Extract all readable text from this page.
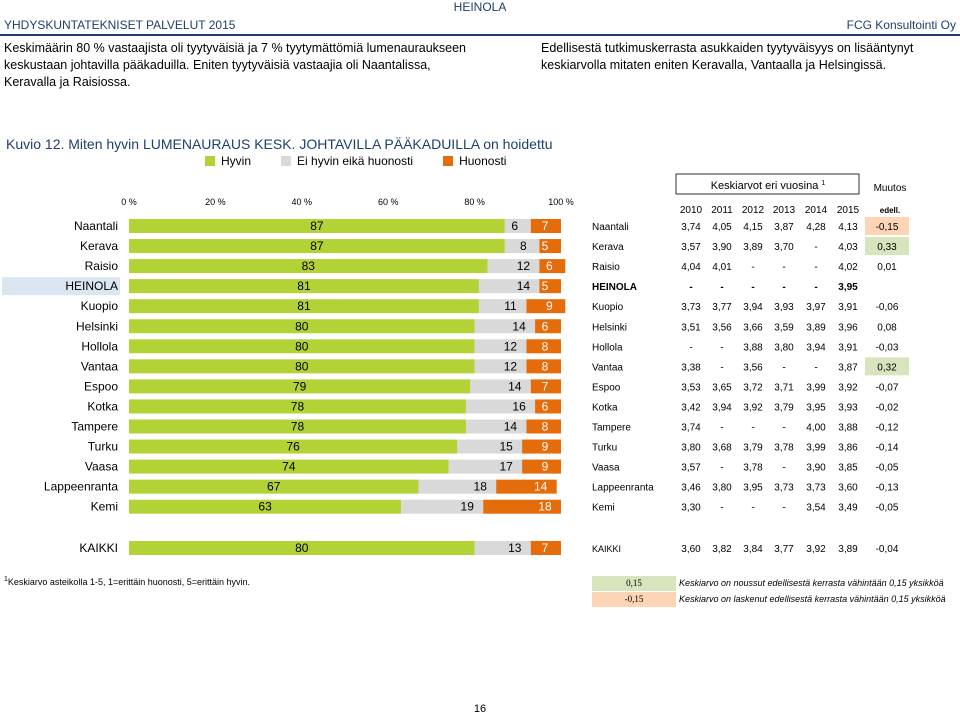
HEINOLA
YHDYSKUNTATEKNISET PALVELUT 2015	FCG Konsultointi Oy
Keskimäärin 80 % vastaajista oli tyytyväisiä ja 7 % tyytymättömiä lumenauraukseen keskustaan johtavilla pääkaduilla. Eniten tyytyväisiä vastaajia oli Naantalissa, Keravalla ja Raisiossa.
Edellisestä tutkimuskerrasta asukkaiden tyytyväisyys on lisääntynyt keskiarvolla mitaten eniten Keravalla, Vantaalla ja Helsingissä.
Kuvio 12. Miten hyvin LUMENAURAUS KESK. JOHTAVILLA PÄÄKADUILLA on hoidettu
Hyvin	Ei hyvin eikä huonosti	Huonosti
Keskiarvot eri vuosina $^1$	Muutos
edell.
0 %	20 %	40 %	60 %	80 %	100 %
Naantali	87	6 7
Kerava	87	8 5
Raisio	83	12 6
HEINOLA	81	14 5
Kuopio	81	11 9
Helsinki	80	14 6
Hollola	80	12 8
Vantaa	80	12 8
Espoo	79	14 7
Kotka	78	16 6
Tampere	78	14 8
Turku	76	15 9
Vaasa	74	17 9
Lappeenranta	67	18	14
Kemi	63	19	18
KAIKKI	80	13 7
2010 2011 2012 2013 2014 2015
Naantali	3,74 4,05 4,15 3,87 4,28 4,13 -0,15
Kerava	3,57 3,90 3,89 3,70 - 4,03 0,33
Raisio	4,04 4,01 -	-	- 4,02 0,01
HEINOLA	-	-	-	-	- 3,95
Kuopio	3,73 3,77 3,94 3,93 3,97 3,91 -0,06
Helsinki	3,51 3,56 3,66 3,59 3,89 3,96 0,08
Hollola	-	- 3,88 3,80 3,94 3,91 -0,03
Vantaa	3,38 - 3,56 -	- 3,87 0,32
Espoo	3,53 3,65 3,72 3,71 3,99 3,92 -0,07
Kotka	3,42 3,94 3,92 3,79 3,95 3,93 -0,02
Tampere	3,74 -	-	- 4,00 3,88 -0,12
Turku	3,80 3,68 3,79 3,78 3,99 3,86 -0,14
Vaasa	3,57 - 3,78 - 3,90 3,85 -0,05
Lappeenranta	3,46 3,80 3,95 3,73 3,73 3,60 -0,13
Kemi	3,30 -	-	- 3,54 3,49 -0,05
KAIKKI	3,60 3,82 3,84 3,77 3,92 3,89 -0,04
$^1$Keskiarvo asteikolla 1-5, 1=erittäin huonosti, 5=erittäin hyvin.	0,15	Keskiarvo on noussut edellisestä kerrasta vähintään 0,15 yksikköä
-0,15	Keskiarvo on laskenut edellisestä kerrasta vähintään 0,15 yksikköä
16
